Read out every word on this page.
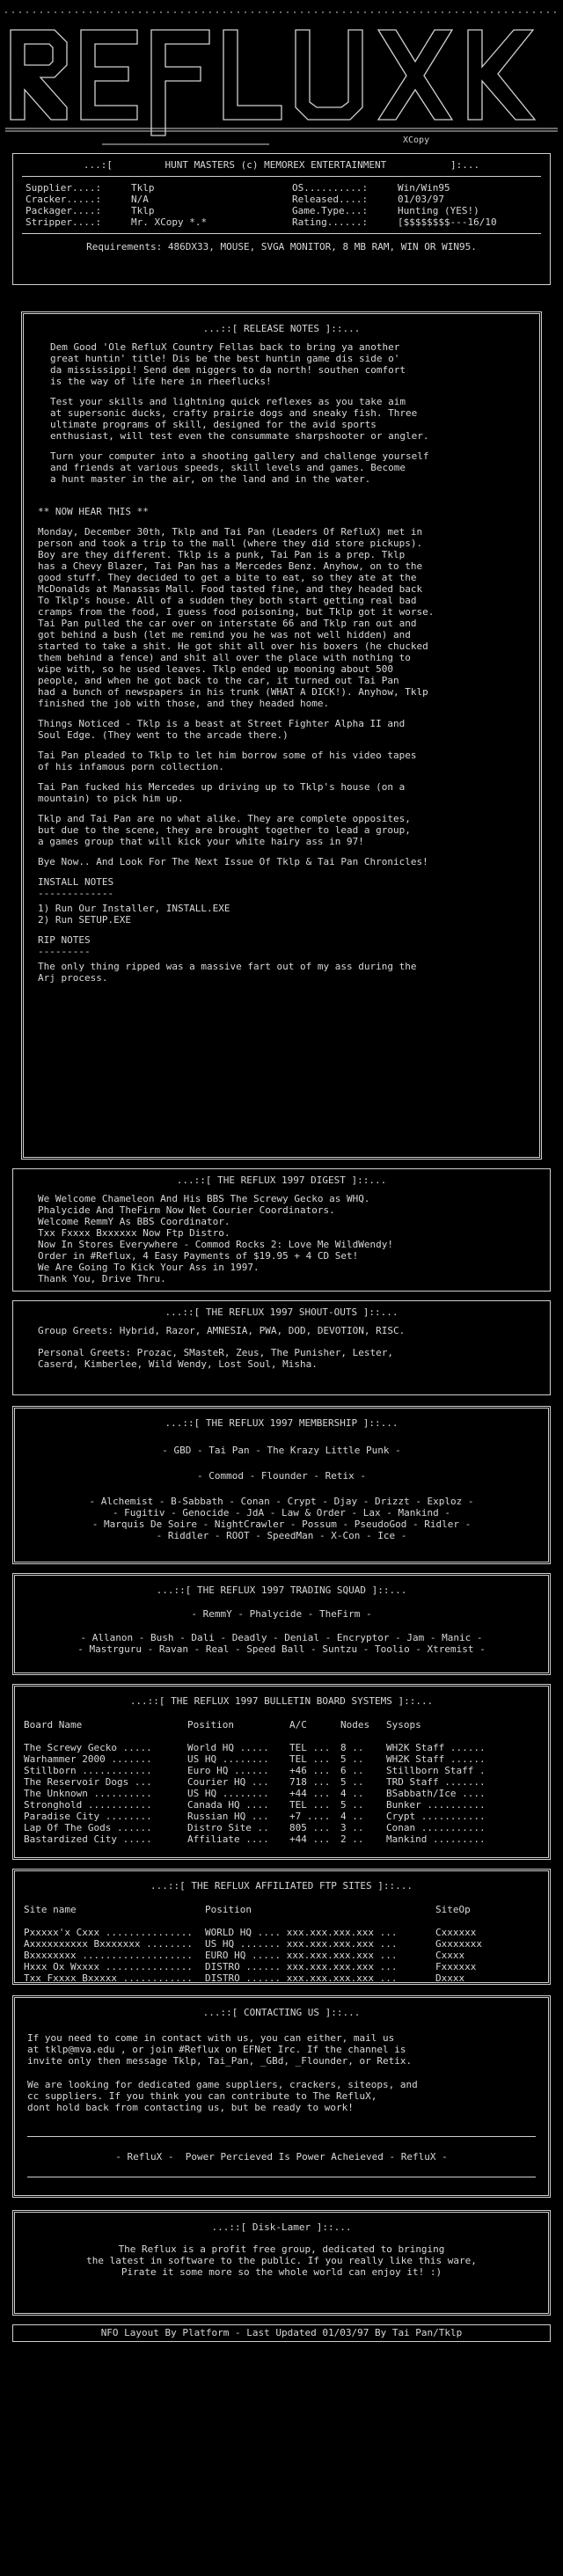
XCopy
...:[         HUNT MASTERS (c) MEMOREX ENTERTAINMENT           ]:...
Supplier....:	Tklp
Cracker.....:	N/A
Packager....:	Tklp
Stripper....:	Mr. XCopy *.*
OS..........:	Win/Win95
Released....:	01/03/97
Game.Type...:	Hunting (YES!)
Rating......:	[$$$$$$$$---16/10
Requirements: 486DX33, MOUSE, SVGA MONITOR, 8 MB RAM, WIN OR WIN95.
...::[ RELEASE NOTES ]::...
Dem Good 'Ole RefluX Country Fellas back to bring ya another
great huntin' title! Dis be the best huntin game dis side o'
da mississippi! Send dem niggers to da north! southen comfort
is the way of life here in rheeflucks!
Test your skills and lightning quick reflexes as you take aim
at supersonic ducks, crafty prairie dogs and sneaky fish. Three
ultimate programs of skill, designed for the avid sports
enthusiast, will test even the consummate sharpshooter or angler.
Turn your computer into a shooting gallery and challenge yourself
and friends at various speeds, skill levels and games. Become
a hunt master in the air, on the land and in the water.
** NOW HEAR THIS **
Monday, December 30th, Tklp and Tai Pan (Leaders Of RefluX) met in
person and took a trip to the mall (where they did store pickups).
Boy are they different. Tklp is a punk, Tai Pan is a prep. Tklp
has a Chevy Blazer, Tai Pan has a Mercedes Benz. Anyhow, on to the
good stuff. They decided to get a bite to eat, so they ate at the
McDonalds at Manassas Mall. Food tasted fine, and they headed back
To Tklp's house. All of a sudden they both start getting real bad
cramps from the food, I guess food poisoning, but Tklp got it worse.
Tai Pan pulled the car over on interstate 66 and Tklp ran out and
got behind a bush (let me remind you he was not well hidden) and
started to take a shit. He got shit all over his boxers (he chucked
them behind a fence) and shit all over the place with nothing to
wipe with, so he used leaves. Tklp ended up mooning about 500
people, and when he got back to the car, it turned out Tai Pan
had a bunch of newspapers in his trunk (WHAT A DICK!). Anyhow, Tklp
finished the job with those, and they headed home.
Things Noticed - Tklp is a beast at Street Fighter Alpha II and
Soul Edge. (They went to the arcade there.)
Tai Pan pleaded to Tklp to let him borrow some of his video tapes
of his infamous porn collection.
Tai Pan fucked his Mercedes up driving up to Tklp's house (on a
mountain) to pick him up.
Tklp and Tai Pan are no what alike. They are complete opposites,
but due to the scene, they are brought together to lead a group,
a games group that will kick your white hairy ass in 97!
Bye Now.. And Look For The Next Issue Of Tklp & Tai Pan Chronicles!
INSTALL NOTES
-------------
1) Run Our Installer, INSTALL.EXE
2) Run SETUP.EXE
RIP NOTES
---------
The only thing ripped was a massive fart out of my ass during the
Arj process.
...::[ THE REFLUX 1997 DIGEST ]::...
We Welcome Chameleon And His BBS The Screwy Gecko as WHQ.
Phalycide And TheFirm Now Net Courier Coordinators.
Welcome RemmY As BBS Coordinator.
Txx Fxxxx Bxxxxxx Now Ftp Distro.
Now In Stores Everywhere - Commod Rocks 2: Love Me WildWendy!
Order in #Reflux, 4 Easy Payments of $19.95 + 4 CD Set!
We Are Going To Kick Your Ass in 1997.
Thank You, Drive Thru.
...::[ THE REFLUX 1997 SHOUT-OUTS ]::...
Group Greets: Hybrid, Razor, AMNESIA, PWA, DOD, DEVOTION, RISC.
Personal Greets: Prozac, SMasteR, Zeus, The Punisher, Lester,
Caserd, Kimberlee, Wild Wendy, Lost Soul, Misha.
...::[ THE REFLUX 1997 MEMBERSHIP ]::...
- GBD - Tai Pan - The Krazy Little Punk -
- Commod - Flounder - Retix -
- Alchemist - B-Sabbath - Conan - Crypt - Djay - Drizzt - Exploz -
- Fugitiv - Genocide - JdA - Law & Order - Lax - Mankind -
- Marquis De Soire - NightCrawler - Possum - PseudoGod - Ridler -
- Riddler - ROOT - SpeedMan - X-Con - Ice -
...::[ THE REFLUX 1997 TRADING SQUAD ]::...
- RemmY - Phalycide - TheFirm -
- Allanon - Bush - Dali - Deadly - Denial - Encryptor - Jam - Manic -
- Mastrguru - Ravan - Real - Speed Ball - Suntzu - Toolio - Xtremist -
...::[ THE REFLUX 1997 BULLETIN BOARD SYSTEMS ]::...
Board Name	Position	A/C	Nodes	Sysops

The Screwy Gecko .....	World HQ .....	TEL ...	8 ..	WH2K Staff ......
Warhammer 2000 .......	US HQ ........	TEL ...	5 ..	WH2K Staff ......
Stillborn ............	Euro HQ ......	+46 ...	6 ..	Stillborn Staff .
The Reservoir Dogs ...	Courier HQ ...	718 ...	5 ..	TRD Staff .......
The Unknown ..........	US HQ ........	+44 ...	4 ..	BSabbath/Ice ....
Stronghold ...........	Canada HQ ....	TEL ...	5 ..	Bunker ..........
Paradise City ........	Russian HQ ...	+7 ....	4 ..	Crypt ...........
Lap Of The Gods ......	Distro Site ..	805 ...	3 ..	Conan ...........
Bastardized City .....	Affiliate ....	+44 ...	2 ..	Mankind .........
...::[ THE REFLUX AFFILIATED FTP SITES ]::...
Site name	Position	SiteOp

Pxxxxx'x Cxxx ...............	WORLD HQ .... xxx.xxx.xxx.xxx ...	Cxxxxxx
Axxxxxxxxxx Bxxxxxxx ........	US HQ ....... xxx.xxx.xxx.xxx ...	Gxxxxxxx
Bxxxxxxxx ...................	EURO HQ ..... xxx.xxx.xxx.xxx ...	Cxxxx
Hxxx Ox Wxxxx ...............	DISTRO ...... xxx.xxx.xxx.xxx ...	Fxxxxxx
Txx Fxxxx Bxxxxx ............	DISTRO ...... xxx.xxx.xxx.xxx ...	Dxxxx
...::[ CONTACTING US ]::...
If you need to come in contact with us, you can either, mail us
at tklp@mva.edu , or join #Reflux on EFNet Irc. If the channel is
invite only then message Tklp, Tai_Pan, _GBd, _Flounder, or Retix.
We are looking for dedicated game suppliers, crackers, siteops, and
cc suppliers. If you think you can contribute to The RefluX,
dont hold back from contacting us, but be ready to work!
- RefluX -  Power Percieved Is Power Acheieved - RefluX -
...::[ Disk-Lamer ]::...
The Reflux is a profit free group, dedicated to bringing
the latest in software to the public. If you really like this ware,
Pirate it some more so the whole world can enjoy it! :)
NFO Layout By Platform - Last Updated 01/03/97 By Tai Pan/Tklp
